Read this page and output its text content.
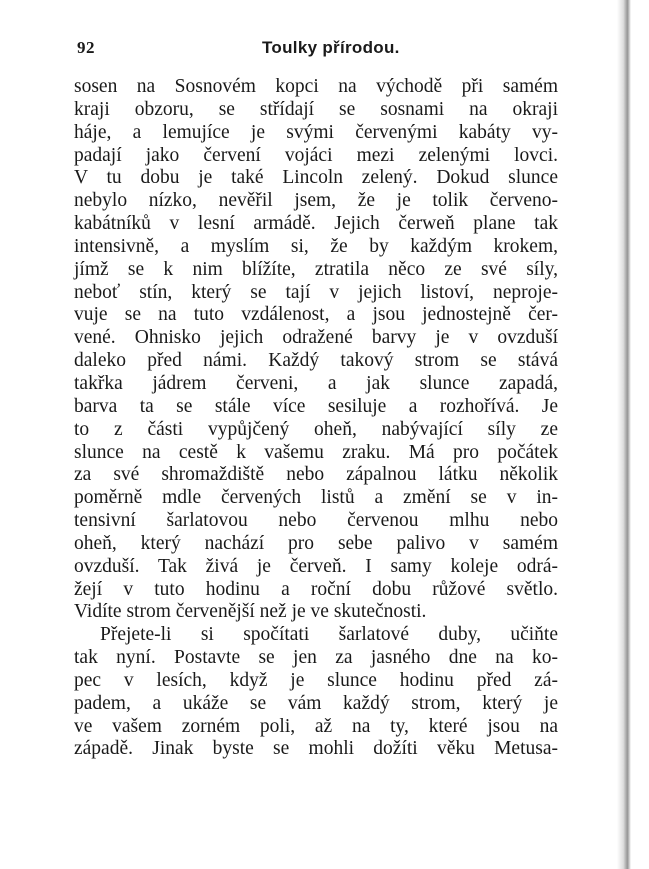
92	Toulky přírodou.
sosen na Sosnovém kopci na východě při samém
kraji obzoru, se střídají se sosnami na okraji
háje, a lemujíce je svými červenými kabáty vy-
padají jako červení vojáci mezi zelenými lovci.
V tu dobu je také Lincoln zelený. Dokud slunce
nebylo nízko, nevěřil jsem, že je tolik červeno-
kabátníků v lesní armádě. Jejich čerweň plane tak
intensivně, a myslím si, že by každým krokem,
jímž se k nim blížíte, ztratila něco ze své síly,
neboť stín, který se tají v jejich listoví, neproje-
vuje se na tuto vzdálenost, a jsou jednostejně čer-
vené. Ohnisko jejich odražené barvy je v ovzduší
daleko před námi. Každý takový strom se stává
takřka jádrem červeni, a jak slunce zapadá,
barva ta se stále více sesiluje a rozhořívá. Je
to z části vypůjčený oheň, nabývající síly ze
slunce na cestě k vašemu zraku. Má pro počátek
za své shromaždiště nebo zápalnou látku několik
poměrně mdle červených listů a změní se v in-
tensivní šarlatovou nebo červenou mlhu nebo
oheň, který nachází pro sebe palivo v samém
ovzduší. Tak živá je červeň. I samy koleje odrá-
žejí v tuto hodinu a roční dobu růžové světlo.
Vidíte strom červenější než je ve skutečnosti.
Přejete-li si spočítati šarlatové duby, učiňte
tak nyní. Postavte se jen za jasného dne na ko-
pec v lesích, když je slunce hodinu před zá-
padem, a ukáže se vám každý strom, který je
ve vašem zorném poli, až na ty, které jsou na
západě. Jinak byste se mohli dožíti věku Metusa-
